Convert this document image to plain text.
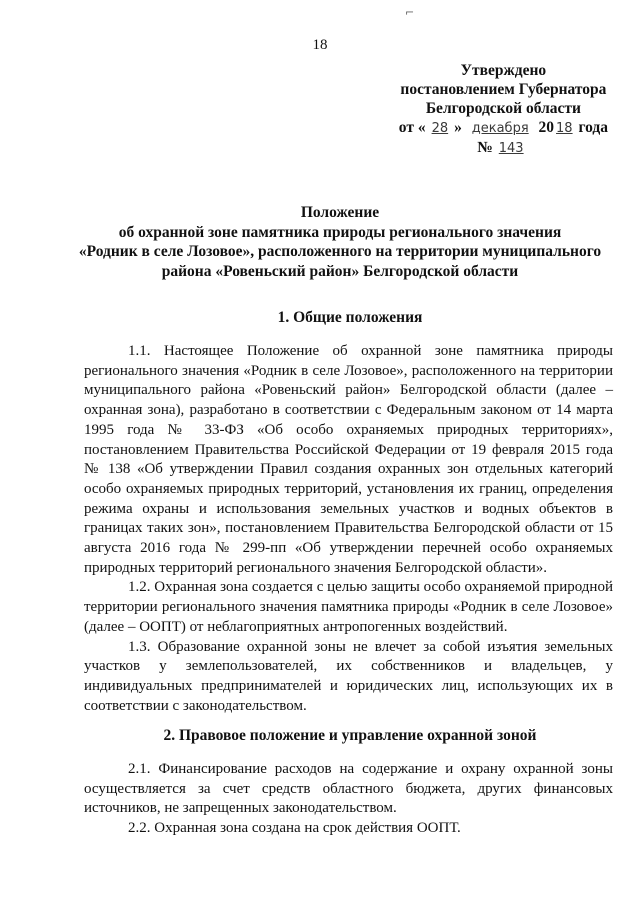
⌐
18
Утверждено
постановлением Губернатора
Белгородской области
от « 28 » декабря 20 18 года
№ 143
Положение
об охранной зоне памятника природы регионального значения
«Родник в селе Лозовое», расположенного на территории муниципального
района «Ровеньский район» Белгородской области
1. Общие положения

1.1. Настоящее Положение об охранной зоне памятника природы регионального значения «Родник в селе Лозовое», расположенного на территории муниципального района «Ровеньский район» Белгородской области (далее – охранная зона), разработано в соответствии с Федеральным законом от 14 марта 1995 года № 33-ФЗ «Об особо охраняемых природных территориях», постановлением Правительства Российской Федерации от 19 февраля 2015 года № 138 «Об утверждении Правил создания охранных зон отдельных категорий особо охраняемых природных территорий, установления их границ, определения режима охраны и использования земельных участков и водных объектов в границах таких зон», постановлением Правительства Белгородской области от 15 августа 2016 года № 299-пп «Об утверждении перечней особо охраняемых природных территорий регионального значения Белгородской области».

1.2. Охранная зона создается с целью защиты особо охраняемой природной территории регионального значения памятника природы «Родник в селе Лозовое» (далее – ООПТ) от неблагоприятных антропогенных воздействий.

1.3. Образование охранной зоны не влечет за собой изъятия земельных участков у землепользователей, их собственников и владельцев, у индивидуальных предпринимателей и юридических лиц, использующих их в соответствии с законодательством.

2. Правовое положение и управление охранной зоной

2.1. Финансирование расходов на содержание и охрану охранной зоны осуществляется за счет средств областного бюджета, других финансовых источников, не запрещенных законодательством.

2.2. Охранная зона создана на срок действия ООПТ.
